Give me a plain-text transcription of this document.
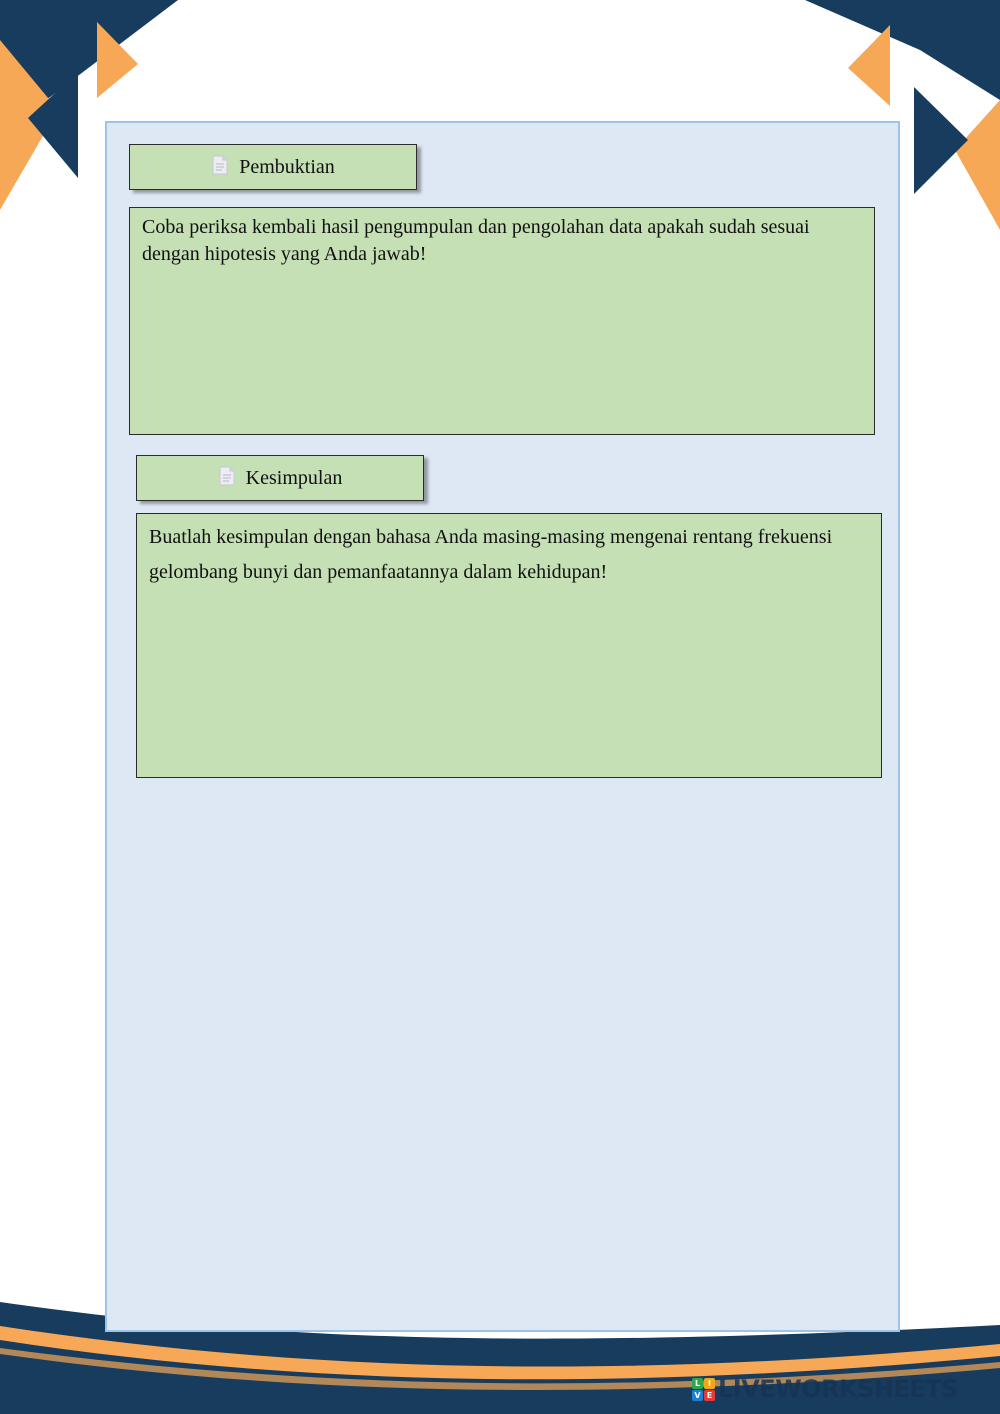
Pembuktian

Coba periksa kembali hasil pengumpulan dan pengolahan data apakah sudah sesuai dengan hipotesis yang Anda jawab!

Kesimpulan

Buatlah kesimpulan dengan bahasa Anda masing-masing mengenai rentang frekuensi gelombang bunyi dan pemanfaatannya dalam kehidupan!

L I
V E LIVEWORKSHEETS
